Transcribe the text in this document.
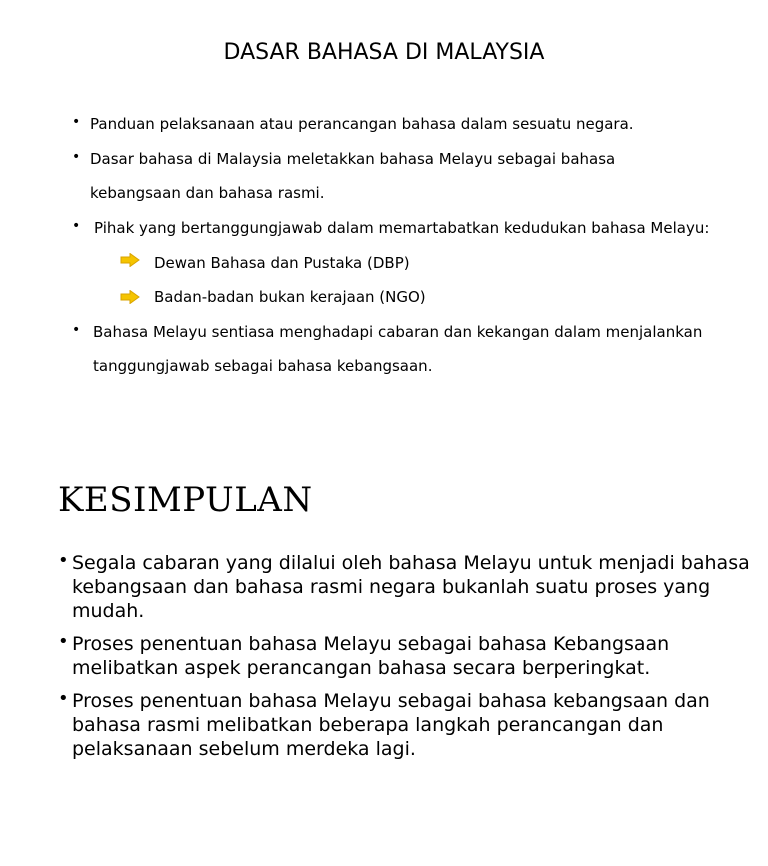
DASAR BAHASA DI MALAYSIA
• Panduan pelaksanaan atau perancangan bahasa dalam sesuatu negara.
• Dasar bahasa di Malaysia meletakkan bahasa Melayu sebagai bahasa
kebangsaan dan bahasa rasmi.
• Pihak yang bertanggungjawab dalam memartabatkan kedudukan bahasa Melayu:
Dewan Bahasa dan Pustaka (DBP)
Badan-badan bukan kerajaan (NGO)
• Bahasa Melayu sentiasa menghadapi cabaran dan kekangan dalam menjalankan
tanggungjawab sebagai bahasa kebangsaan.
KESIMPULAN
• Segala cabaran yang dilalui oleh bahasa Melayu untuk menjadi bahasa kebangsaan dan bahasa rasmi negara bukanlah suatu proses yang mudah.
• Proses penentuan bahasa Melayu sebagai bahasa Kebangsaan melibatkan aspek perancangan bahasa secara berperingkat.
• Proses penentuan bahasa Melayu sebagai bahasa kebangsaan dan bahasa rasmi melibatkan beberapa langkah perancangan dan pelaksanaan sebelum merdeka lagi.
